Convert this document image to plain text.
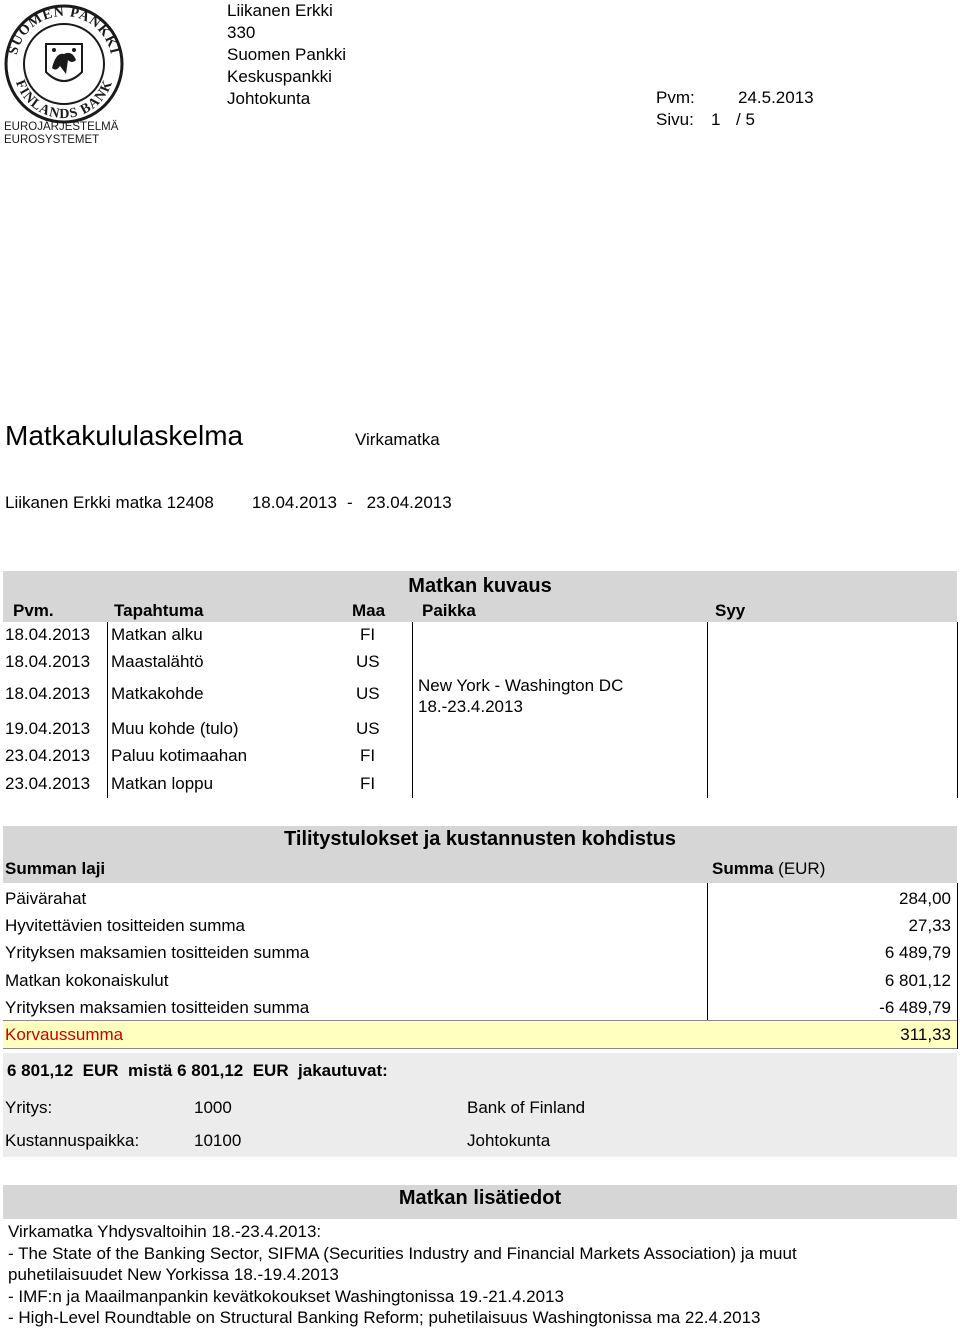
SUOMEN PANKKI
FINLANDS BANK
EUROJÄRJESTELMÄ
EUROSYSTEMET
Liikanen Erkki
330
Suomen Pankki
Keskuspankki
Johtokunta	Pvm:	24.5.2013
Sivu: 1 / 5
Matkakululaskelma	Virkamatka
Liikanen Erkki matka 12408 18.04.2013 - 23.04.2013
Matkan kuvaus
Pvm.	Tapahtuma	Maa Paikka	Syy
18.04.2013 Matkan alku	FI
18.04.2013 Maastalähtö	US
18.04.2013 Matkakohde	US
19.04.2013 Muu kohde (tulo)	US
23.04.2013 Paluu kotimaahan	FI
23.04.2013 Matkan loppu	FI
New York - Washington DC
18.-23.4.2013
Tilitystulokset ja kustannusten kohdistus
Summan laji	Summa (EUR)
Päivärahat	284,00
Hyvitettävien tositteiden summa	27,33
Yrityksen maksamien tositteiden summa	6 489,79
Matkan kokonaiskulut	6 801,12
Yrityksen maksamien tositteiden summa	-6 489,79
Korvaussumma	311,33
6 801,12  EUR  mistä 6 801,12  EUR  jakautuvat:
Yritys:	1000	Bank of Finland
Kustannuspaikka:	10100	Johtokunta
Matkan lisätiedot
Virkamatka Yhdysvaltoihin 18.-23.4.2013:
- The State of the Banking Sector, SIFMA (Securities Industry and Financial Markets Association) ja muut
puhetilaisuudet New Yorkissa 18.-19.4.2013
- IMF:n ja Maailmanpankin kevätkokoukset Washingtonissa 19.-21.4.2013
- High-Level Roundtable on Structural Banking Reform; puhetilaisuus Washingtonissa ma 22.4.2013
